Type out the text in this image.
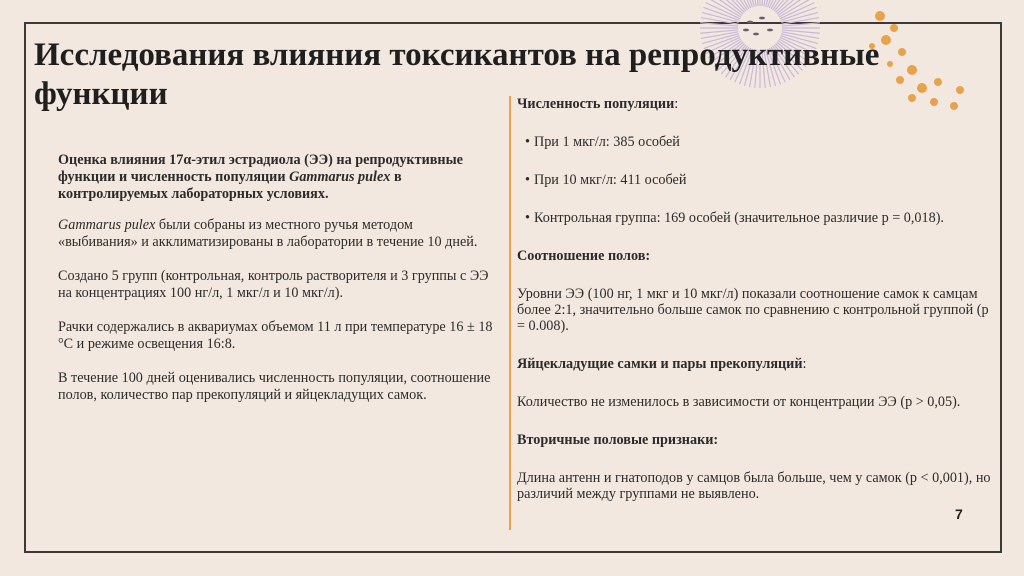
Исследования влияния токсикантов на репродуктивные функции

Оценка влияния 17α-этил эстрадиола (ЭЭ) на репродуктивные функции и численность популяции Gammarus pulex в контролируемых лабораторных условиях.

Gammarus pulex были собраны из местного ручья методом «выбивания» и акклиматизированы в лаборатории в течение 10 дней.

Создано 5 групп (контрольная, контроль растворителя и 3 группы с ЭЭ на концентрациях 100 нг/л, 1 мкг/л и 10 мкг/л).

Рачки содержались в аквариумах объемом 11 л при температуре 16 ± 18 °C и режиме освещения 16:8.

В течение 100 дней оценивались численность популяции, соотношение полов, количество пар прекопуляций и яйцекладущих самок.

Численность популяции:

• При 1 мкг/л: 385 особей
• При 10 мкг/л: 411 особей
• Контрольная группа: 169 особей (значительное различие p = 0,018).

Соотношение полов:

Уровни ЭЭ (100 нг, 1 мкг и 10 мкг/л) показали соотношение самок к самцам более 2:1, значительно больше самок по сравнению с контрольной группой (p = 0.008).

Яйцекладущие самки и пары прекопуляций:

Количество не изменилось в зависимости от концентрации ЭЭ (p > 0,05).

Вторичные половые признаки:

Длина антенн и гнатоподов у самцов была больше, чем у самок (p < 0,001), но различий между группами не выявлено.

7
